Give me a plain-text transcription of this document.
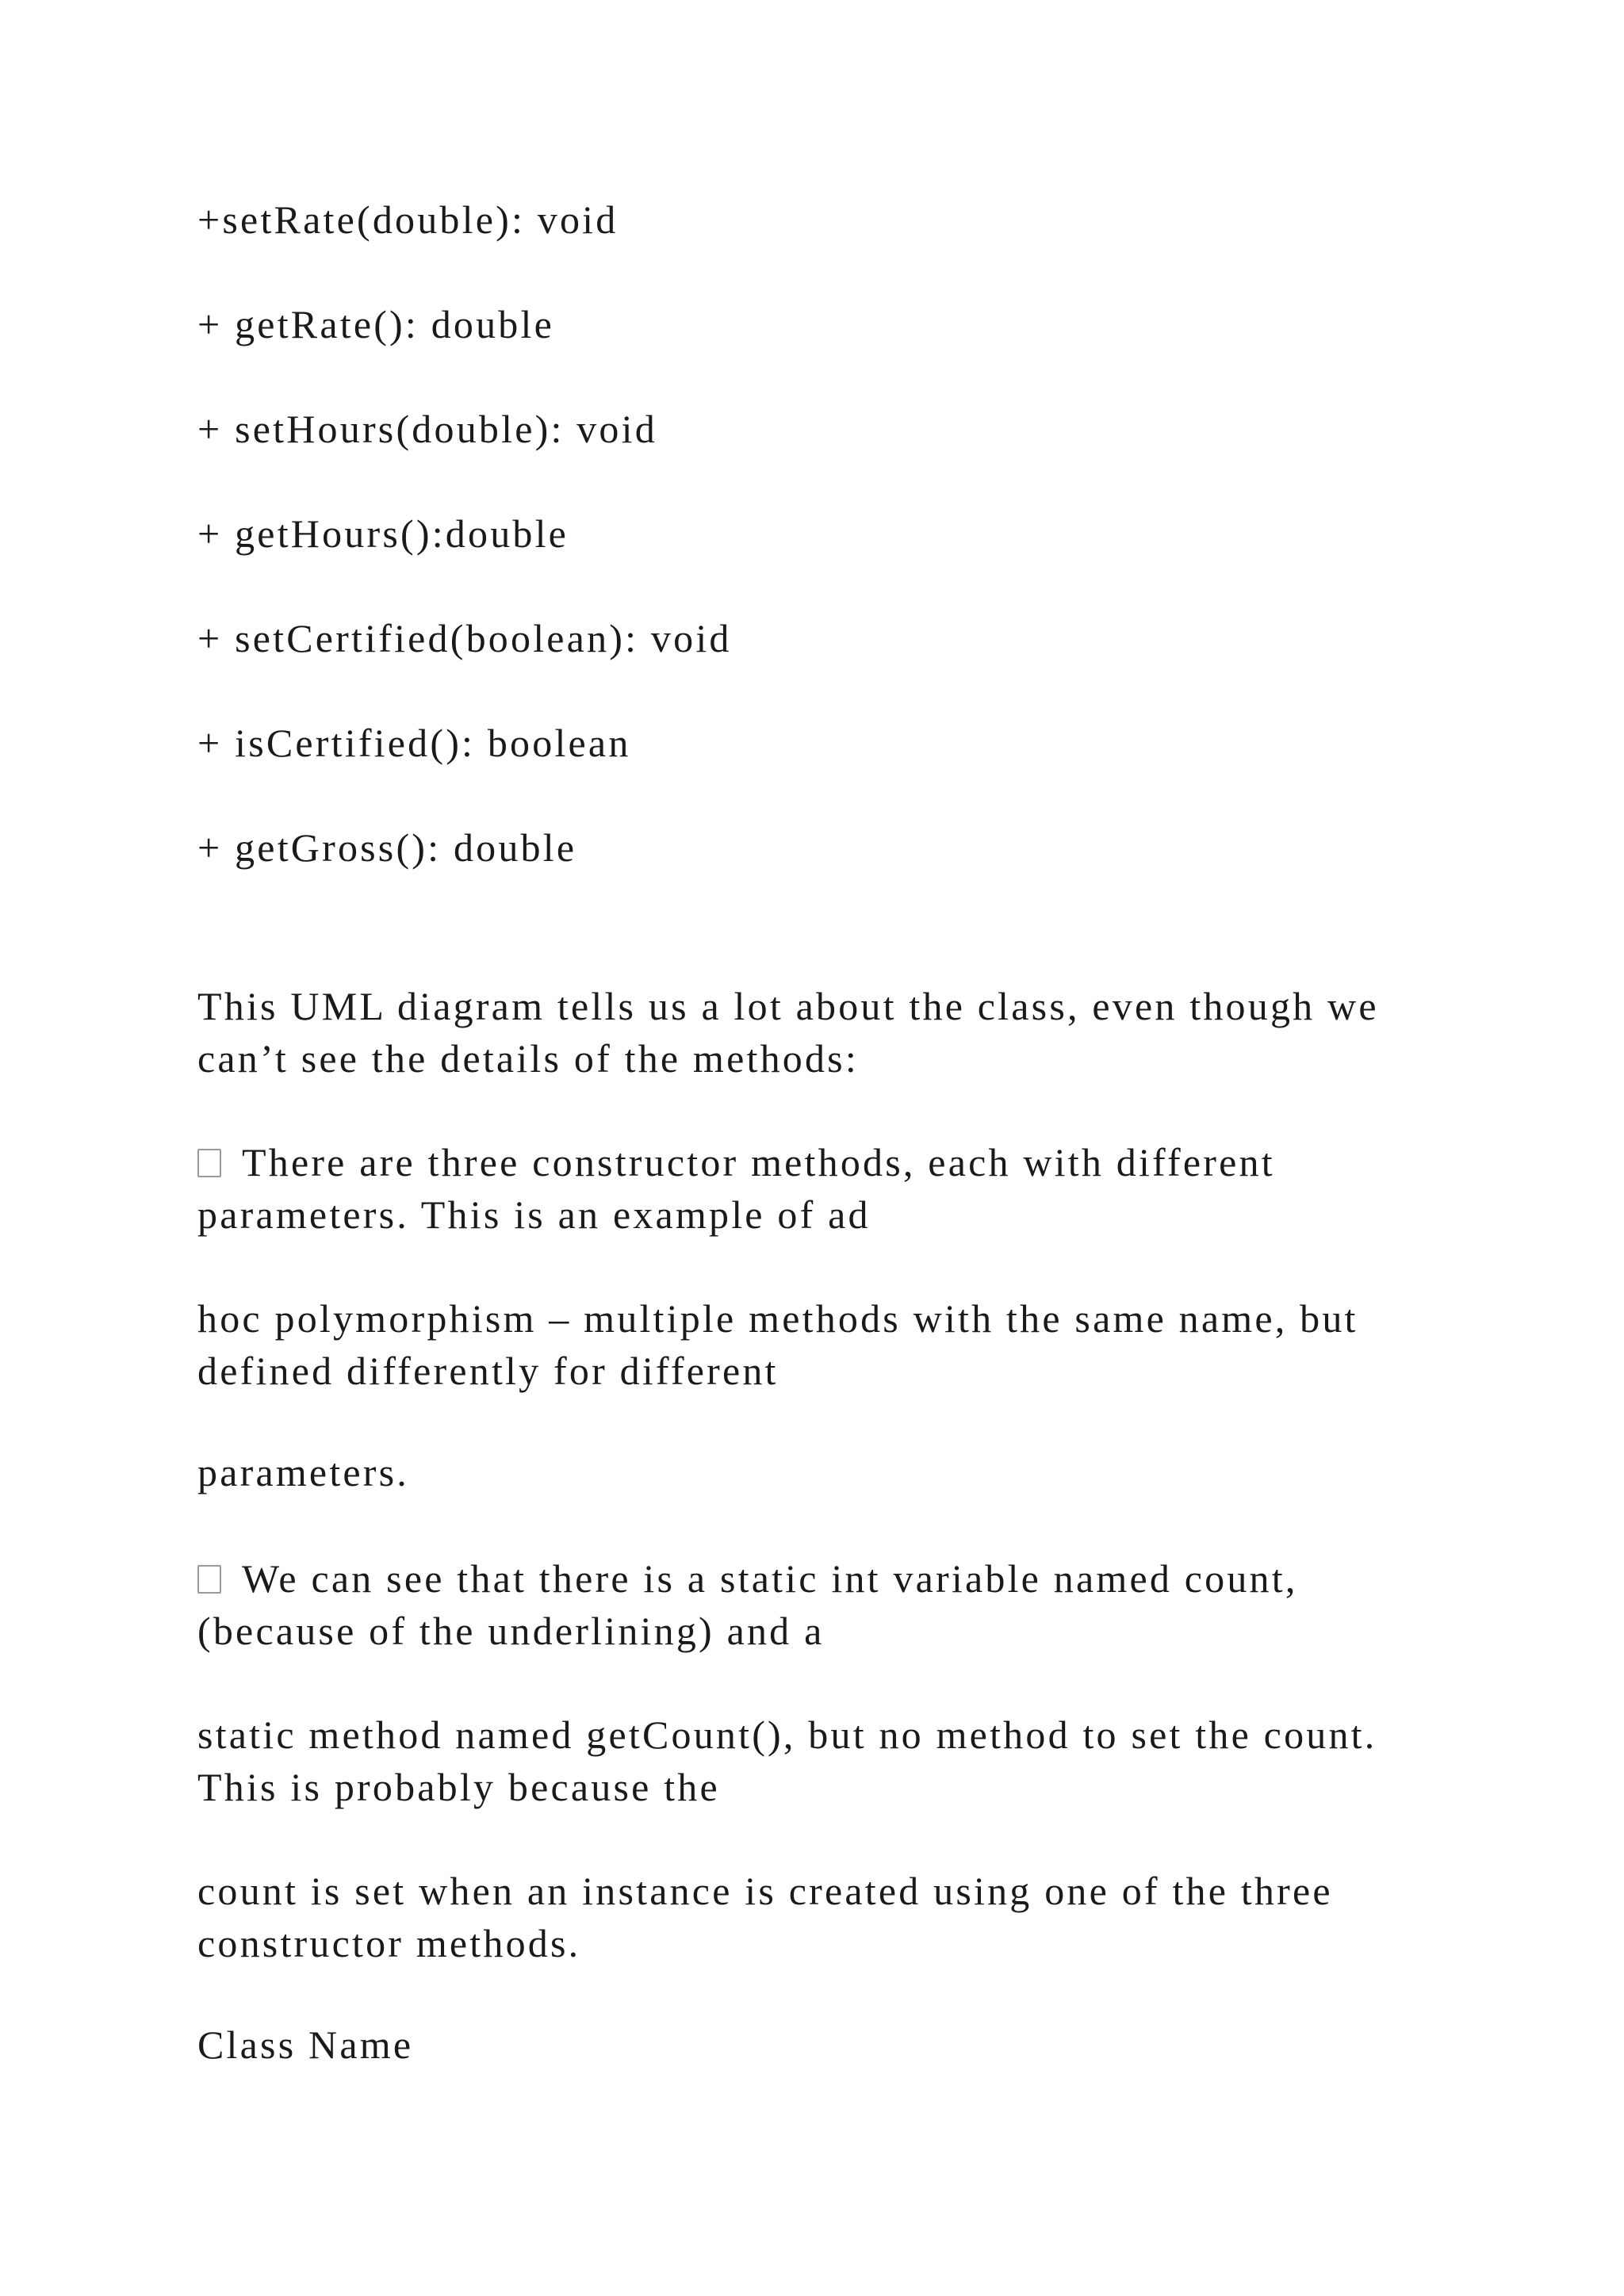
+setRate(double): void

+ getRate(): double

+ setHours(double): void

+ getHours():double

+ setCertified(boolean): void

+ isCertified(): boolean

+ getGross(): double

This UML diagram tells us a lot about the class, even though we
can’t see the details of the methods:
There are three constructor methods, each with different
parameters. This is an example of ad
hoc polymorphism – multiple methods with the same name, but
defined differently for different

parameters.

We can see that there is a static int variable named count,
(because of the underlining) and a
static method named getCount(), but no method to set the count.
This is probably because the
count is set when an instance is created using one of the three
constructor methods.

Class Name
